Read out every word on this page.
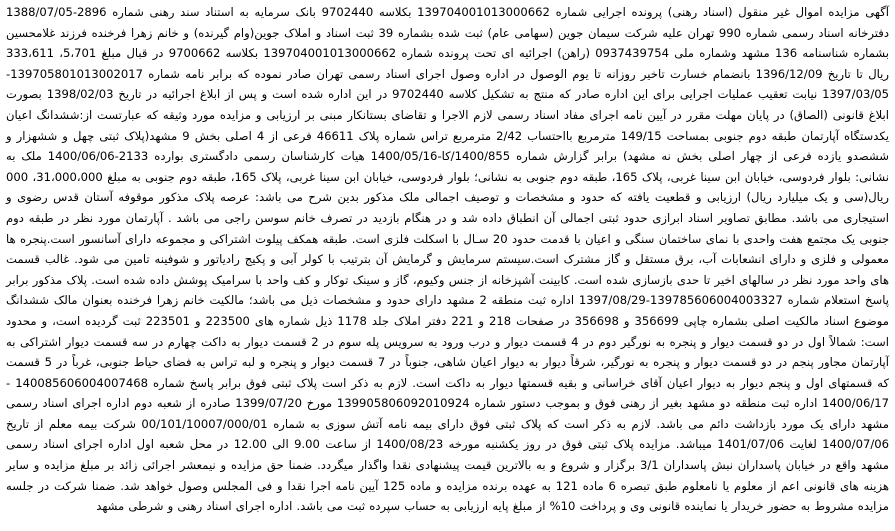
آگهی مزایده اموال غیر منقول (اسناد رهنی) پرونده اجرایی شماره 139704001013000662 بکلاسه 9702440 بانک سرمایه به استناد سند رهنی شماره 2896-1388/07/05 دفترخانه اسناد رسمی شماره 990 تهران علیه شرکت سیمان جوین (سهامی عام) ثبت شده بشماره 39 ثبت اسناد و املاک جوین(وام گیرنده) و خانم زهرا فرخنده فرزند غلامحسین بشماره شناسنامه 136 مشهد وشماره ملی 0937439754 (راهن) اجرائیه ای تحت پرونده شماره 139704001013000662 بکلاسه 9700662 در قبال مبلغ 5،701، 333،611 ریال تا تاریخ 1396/12/09 بانضمام خسارت تاخیر روزانه تا یوم الوصول در اداره وصول اجرای اسناد رسمی تهران صادر نموده که برابر نامه شماره 139705801013002017- 1397/03/05 نیابت تعقیب عملیات اجرایی برای این اداره صادر که منتج به تشکیل کلاسه 9702440 در این اداره شده است و پس از ابلاغ اجرائیه در تاریخ 1398/02/03 بصورت ابلاغ قانونی (الصاق) در پایان مهلت مقرر در آیین نامه اجرای مفاد اسناد رسمی لازم الاجرا و تقاضای بستانکار مبنی بر ارزیابی و مزایده مورد وثیقه که عبارتست از:ششدانگ اعیان یکدستگاه آپارتمان طبقه دوم جنوبی بمساحت 149/15 مترمربع بااحتساب 2/42 مترمربع تراس شماره پلاک 46611 فرعی از 4 اصلی بخش 9 مشهد(پلاک ثبتی چهل و ششهزار و ششصدو یازده فرعی از چهار اصلی بخش نه مشهد) برابر گزارش شماره 1400/855/کا-1400/05/16 هیات کارشناسان رسمی دادگستری بوارده 2133-1400/06/06 ملک به نشانی: بلوار فردوسی، خیابان ابن سینا غربی، پلاک 165، طبقه دوم جنوبی به نشانی؛ بلوار فردوسی، خیابان ابن سینا غربی، پلاک 165، طبقه دوم جنوبی به مبلغ 31،000،000، 000 ریال(سی و یک میلیارد ریال) ارزیابی و قطعیت یافته که حدود و مشخصات و توصیف اجمالی ملک مذکور بدین شرح می باشد: عرصه پلاک مذکور موقوفه آستان قدس رضوی و استیجاری می باشد. مطابق تصاویر اسناد ابرازی حدود ثبتی اجمالی آن انطباق داده شد و در هنگام بازدید در تصرف خانم سوسن راجی می باشد . آپارتمان مورد نظر در طبقه دوم جنوبی یک مجتمع هفت واحدی با نمای ساختمان سنگی و اعیان با قدمت حدود 20 سـال با اسکلت فلزی است. طبقه همکف پیلوت اشتراکی و مجموعه دارای آسانسور است.پنجره ها معمولی و فلزی و دارای انشعابات آب، برق مستقل و گاز مشترک است.سیستم سرمایش و گرمایش آن بترتیب با کولر آبی و پکیج رادیاتور و شوفینه تامین می شود. غالب قسمت های واحد مورد نظر در سالهای اخیر تا حدی بازسازی شده است. کابینت آشپزخانه از جنس وکیوم، گاز و سینک توکار و کف واحد با سرامیک پوشش داده شده است. پلاک مذکور برابر پاسخ استعلام شماره 139785606004003327-1397/08/29 اداره ثبت منطقه 2 مشهد دارای حدود و مشخصات ذیل می باشد؛ مالکیت خانم زهرا فرخنده بعنوان مالک ششدانگ موضوع اسناد مالکیت اصلی بشماره چاپی 356699 و 356698 در صفحات 218 و 221 دفتر املاک جلد 1178 ذیل شماره های 223500 و 223501 ثبت گردیده است، و محدود است: شمالاً اول در دو قسمت دیوار و پنجره به نورگیر دوم در 4 قسمت دیوار و درب ورود به سرویس پله سوم در 2 قسمت دیوار به داکت چهارم در سه قسمت دیوار اشتراکی به آپارتمان مجاور پنجم در دو قسمت دیوار و پنجره به نورگیر، شرقاً دیوار به دیوار اعیان شاهی، جنوباً در 7 قسمت دیوار و پنجره و لبه تراس به فضای حیاط جنوبی، غرباً در 5 قسمت که قسمتهای اول و پنجم دیوار به دیوار اعیان آقای خراسانی و بقیه قسمتها دیوار به داکت است. لازم به ذکر است پلاک ثبتی فوق برابر پاسخ شماره 140085606004007468 - 1400/06/17 اداره ثبت منطقه دو مشهد بغیر از رهنی فوق و بموجب دستور شماره 139905806092010924 مورخ 1399/07/20 صادره از شعبه دوم اداره اجرای اسناد رسمی مشهد دارای یک مورد بازداشت دائم می باشد. لازم به ذکر است که پلاک ثبتی فوق دارای بیمه نامه آتش سوزی به شماره 00/101/10007/000/01 شرکت بیمه معلم از تاریخ 1400/07/06 لغایت 1401/07/06 میباشد. مزایده پلاک ثبتی فوق در روز یکشنبه مورخه 1400/08/23 از ساعت 9.00 الی 12.00 در محل شعبه اول اداره اجرای اسناد رسمی مشهد واقع در خیابان پاسداران نبش پاسداران 3/1 برگزار و شروع و به بالاترین قیمت پیشنهادی نقدا واگذار میگردد. ضمنا حق مزایده و نیمعشر اجرائی زائد بر مبلغ مزایده و سایر هزینه های قانونی اعم از معلوم یا نامعلوم طبق تبصره 6 ماده 121 به عهده برنده مزایده و ماده 125 آیین نامه اجرا نقدا و فی المجلس وصول خواهد شد. ضمنا شرکت در جلسه مزایده مشروط به حضور خریدار یا نماینده قانونی وی و پرداخت 10% از مبلغ پایه ارزیابی به حساب سپرده ثبت می باشد. اداره اجرای اسناد رهنی و شرطی مشهد
